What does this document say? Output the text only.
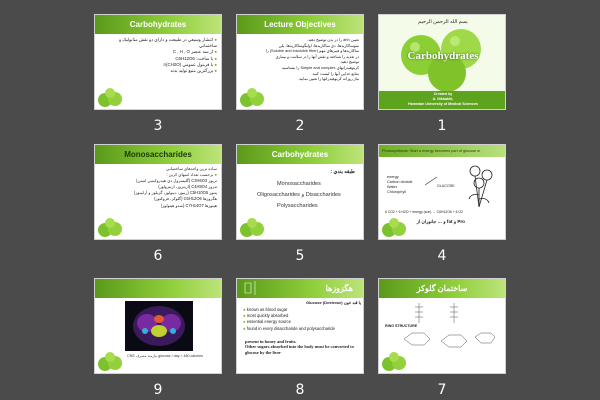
Carbohydrates
● انتشار وسيعي در طبيعت و داراي دو نقش متابوليک و
ساختماني
● از سه عنصر C , H , O
● با ساخت: C6H12O6
● با فرمول عمومي (CH2O)n
● بزرگترين منبع توليد بدنه
3
Lecture Objectives
تعيين ahh را در بدن توضيح دهيد.
منوساكاريدها، دي ساكاريدها، اوليگوساكاريدها، پلي
ساكاريدها و فيبرهاي مهم (Soluble and insoluble fiber) را
در تغذيه را شناخته و نقش آنها را در سلامت و بيماري
توضيح دهيد.
كربوهيدراتهاي Simple and complex را بشناسيد.
منابع غذايي آنها را ليست كنيد.
نياز روزانه كربوهيدراتها را تعيين نماييد.
2
بسم الله الرحمن الرحيم
Carbohydrates
Created by
A. Nikbakht,
Hamedan University of Medical Sciences
1
Monosaccharides
ساده ترين واحدهاي ساختماني
● برحسب تعداد اتمهاي كربن :
تريوز C3H6O3 (گليسرول دي هيدروكسي استن)
تتروز C4H8O4 (اريتروز، اريترولوز)
پنتوز C5H10O5 (ريبوز، ديبولوز، گزيلوز و آرابينوز)
هگزوزها C6H12O6 (گلوکز، فروکتوز)
هپتوزها C7H14O7 (سدو هپتولوز)
6
Carbohydrates
طبقه بندي :
Monosaccharides
Oligosaccharides و Disaccharides
Polysaccharides
5
Photosynthesis: Start a energy becomes part of glucose m
energy
Carbon dioxide
Water
Chlorophyll
GLUCOSE
6 CO2 + 6 H2O + energy (sun) → C6H12O6 + 6 O2
Pro و fat و … جانوران از
4
CNS نيازمند مصرف glucose / day = 480 calories
9
هگزوزها
Glucose (Dextrose) يا قند خون
● known as blood sugar
● most quickly absorbed
● essential energy source
● found in every disaccharide and polysaccharide
present in honey and fruits.
Other sugars absorbed into the body must be converted to glucose by the liver
8
ساختمان گلوكز
RING STRUCTURE
7
